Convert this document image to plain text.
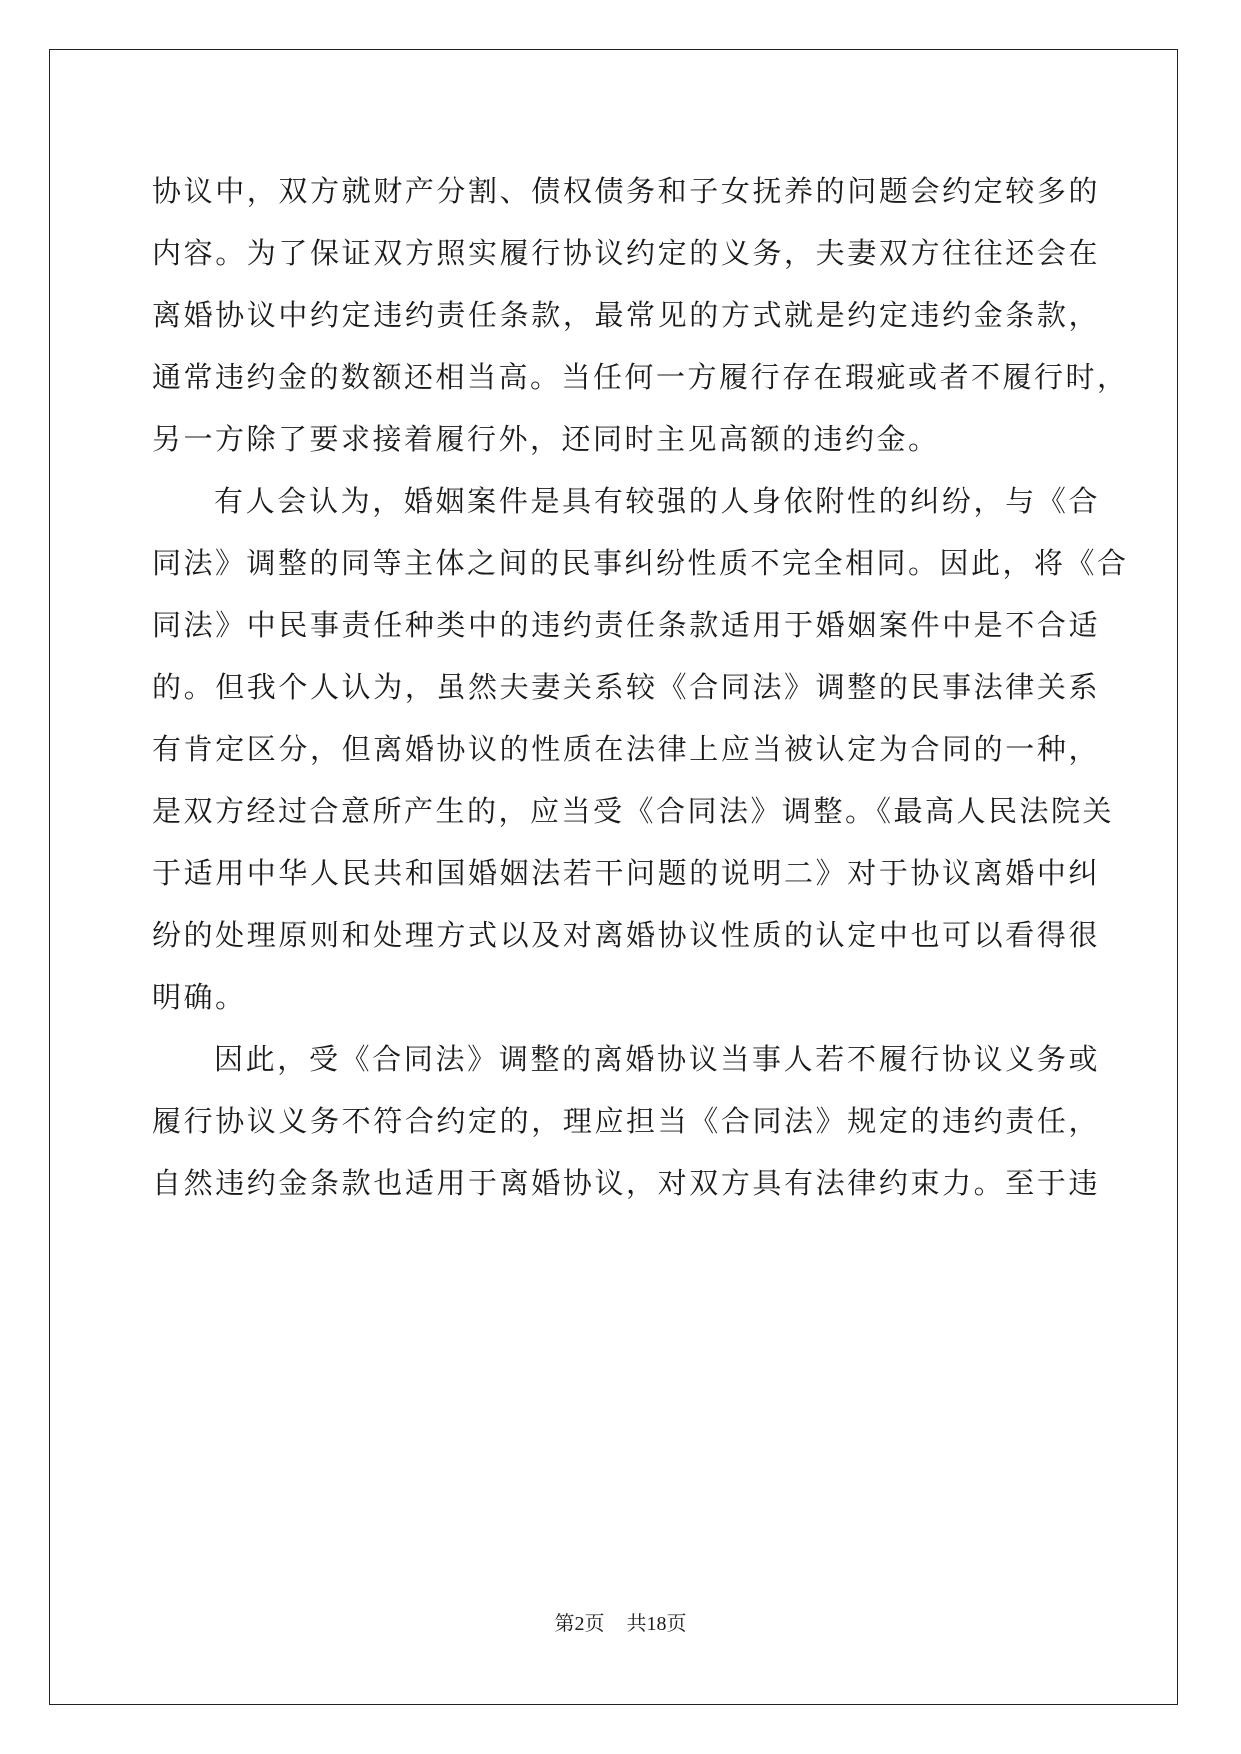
协议中，双方就财产分割、债权债务和子女抚养的问题会约定较多的
内容。为了保证双方照实履行协议约定的义务，夫妻双方往往还会在
离婚协议中约定违约责任条款，最常见的方式就是约定违约金条款，
通常违约金的数额还相当高。当任何一方履行存在瑕疵或者不履行时，
另一方除了要求接着履行外，还同时主见高额的违约金。
有人会认为，婚姻案件是具有较强的人身依附性的纠纷，与《合
同法》调整的同等主体之间的民事纠纷性质不完全相同。因此，将《合
同法》中民事责任种类中的违约责任条款适用于婚姻案件中是不合适
的。但我个人认为，虽然夫妻关系较《合同法》调整的民事法律关系
有肯定区分，但离婚协议的性质在法律上应当被认定为合同的一种，
是双方经过合意所产生的，应当受《合同法》调整。《最高人民法院关
于适用中华人民共和国婚姻法若干问题的说明二》对于协议离婚中纠
纷的处理原则和处理方式以及对离婚协议性质的认定中也可以看得很
明确。
因此，受《合同法》调整的离婚协议当事人若不履行协议义务或
履行协议义务不符合约定的，理应担当《合同法》规定的违约责任，
自然违约金条款也适用于离婚协议，对双方具有法律约束力。至于违
第2页 共18页
